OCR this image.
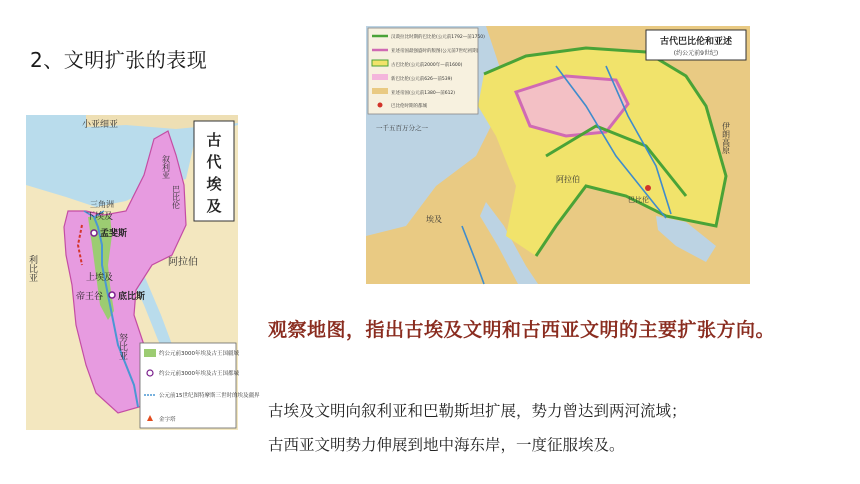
2、文明扩张的表现
古
代
埃
及
小亚细亚
叙利亚
巴比伦
三角洲
下埃及
孟斐斯
利比亚	阿拉伯
上埃及
帝王谷 底比斯
努比亚	约公元前3000年埃及古王国疆域
约公元前3000年埃及古王国都城
公元前15世纪图特摩斯三世时的埃及疆界
金字塔
汉谟拉比时期的巴比伦(公元前1792—前1750)
亚述帝国最强盛时的版图(公元前7世纪初期)
古巴比伦(公元前2000年—前1600)
新巴比伦(公元前626—前539)
亚述帝国(公元前1380—前612)
巴比伦时期的都城
一千五百万分之一
古代巴比伦和亚述
(约公元前9世纪)
阿拉伯
埃及
伊朗高原
巴比伦
观察地图，指出古埃及文明和古西亚文明的主要扩张方向。

古埃及文明向叙利亚和巴勒斯坦扩展，势力曾达到两河流域；

古西亚文明势力伸展到地中海东岸，一度征服埃及。
